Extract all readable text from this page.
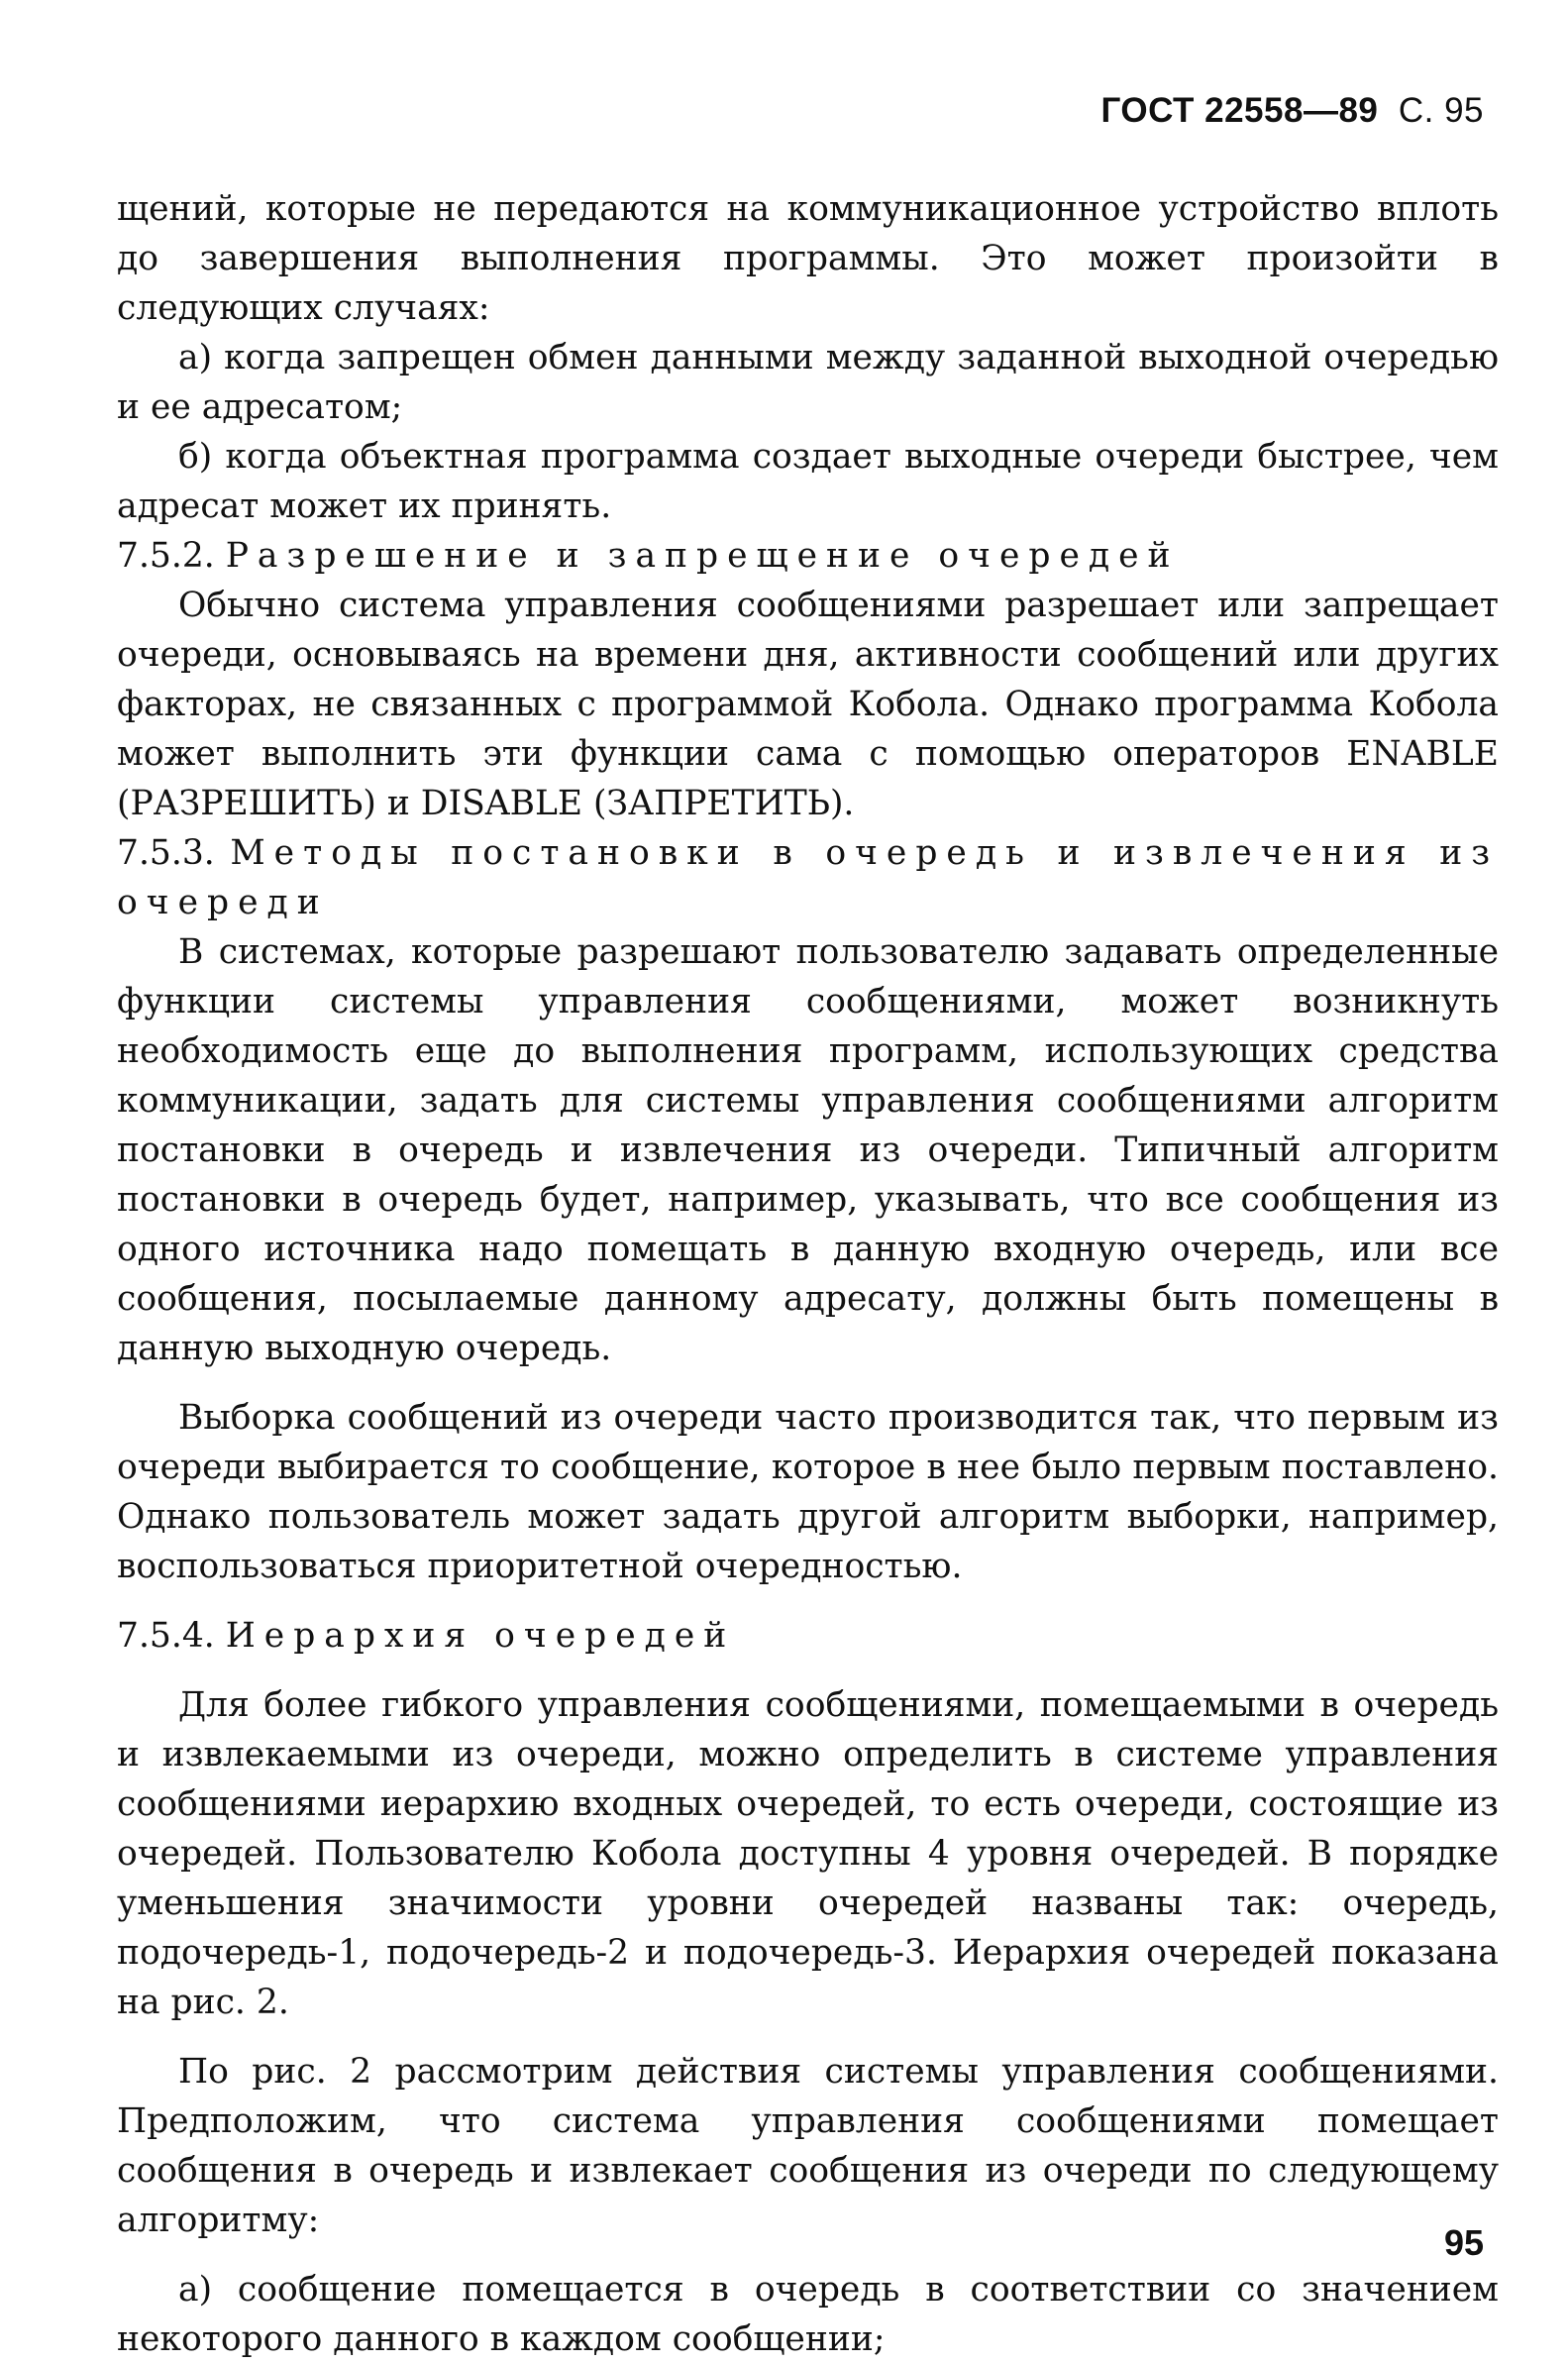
ГОСТ 22558—89 С. 95

щений, которые не передаются на коммуникационное устройство вплоть до завершения выполнения программы. Это может произойти в следующих случаях:

а) когда запрещен обмен данными между заданной выходной очередью и ее адресатом;

б) когда объектная программа создает выходные очереди быстрее, чем адресат может их принять.

7.5.2. Разрешение и запрещение очередей

Обычно система управления сообщениями разрешает или запрещает очереди, основываясь на времени дня, активности сообщений или других факторах, не связанных с программой Кобола. Однако программа Кобола может выполнить эти функции сама с помощью операторов ENABLE (РАЗРЕШИТЬ) и DISABLE (ЗАПРЕТИТЬ).

7.5.3. Методы постановки в очередь и извлечения из очереди

В системах, которые разрешают пользователю задавать определенные функции системы управления сообщениями, может возникнуть необходимость еще до выполнения программ, использующих средства коммуникации, задать для системы управления сообщениями алгоритм постановки в очередь и извлечения из очереди. Типичный алгоритм постановки в очередь будет, например, указывать, что все сообщения из одного источника надо помещать в данную входную очередь, или все сообщения, посылаемые данному адресату, должны быть помещены в данную выходную очередь.

Выборка сообщений из очереди часто производится так, что первым из очереди выбирается то сообщение, которое в нее было первым поставлено. Однако пользователь может задать другой алгоритм выборки, например, воспользоваться приоритетной очередностью.

7.5.4. Иерархия очередей

Для более гибкого управления сообщениями, помещаемыми в очередь и извлекаемыми из очереди, можно определить в системе управления сообщениями иерархию входных очередей, то есть очереди, состоящие из очередей. Пользователю Кобола доступны 4 уровня очередей. В порядке уменьшения значимости уровни очередей названы так: очередь, подочередь-1, подочередь-2 и подочередь-3. Иерархия очередей показана на рис. 2.

По рис. 2 рассмотрим действия системы управления сообщениями. Предположим, что система управления сообщениями помещает сообщения в очередь и извлекает сообщения из очереди по следующему алгоритму:

а) сообщение помещается в очередь в соответствии со значением некоторого данного в каждом сообщении;

95
